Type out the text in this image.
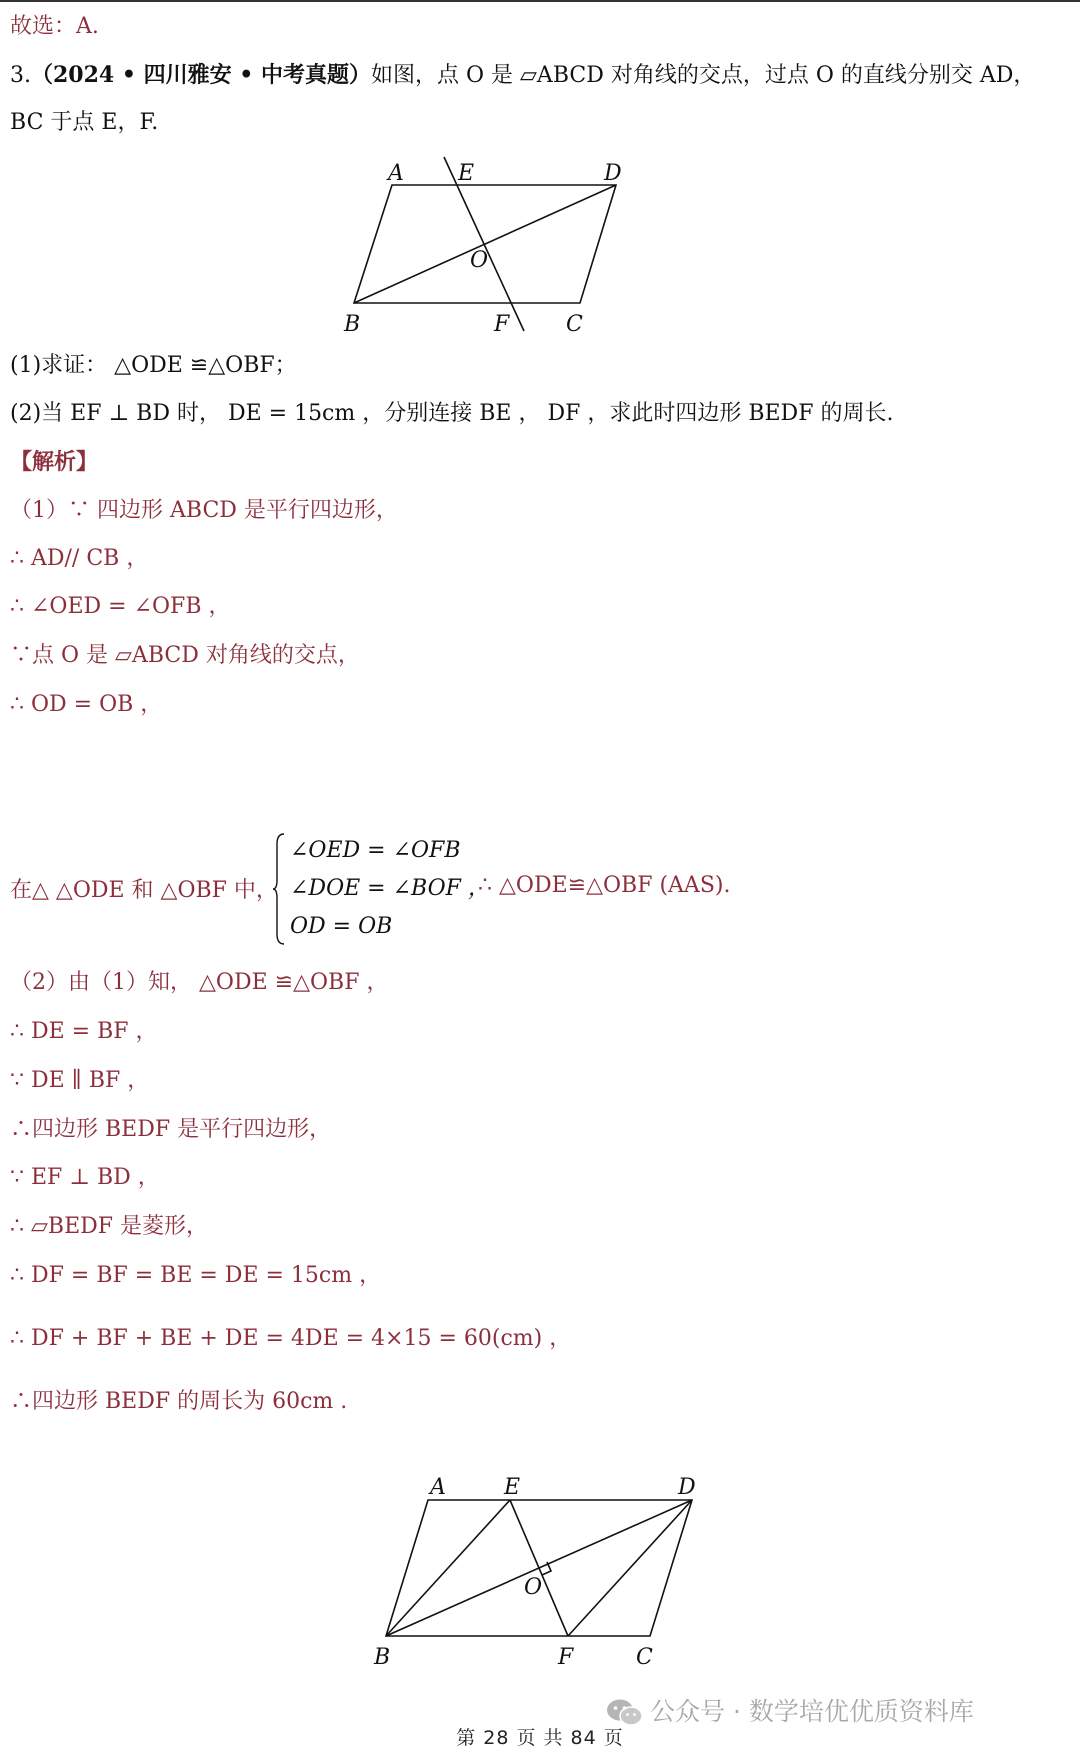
故选：A.
3.（2024 • 四川雅安 • 中考真题）如图，点 O 是 ▱ABCD 对角线的交点，过点 O 的直线分别交 AD，
BC 于点 E，F.
A E	D
O
B	F	C
(1)求证： △ODE ≌△OBF；
(2)当 EF ⊥ BD 时， DE = 15cm ，分别连接 BE ， DF ，求此时四边形 BEDF 的周长.
【解析】
（1）∵ 四边形 ABCD 是平行四边形，
∴ AD// CB ，
∴ ∠OED = ∠OFB ，
∵点 O 是 ▱ABCD 对角线的交点，
∴ OD = OB ，
在△ △ODE 和 △OBF 中，
∠OED = ∠OFB
∠DOE = ∠BOF ，
OD = OB
∴ △ODE≌△OBF (AAS).
（2）由（1）知， △ODE ≌△OBF ，
∴ DE = BF ，
∵ DE ∥ BF ，
∴四边形 BEDF 是平行四边形，
∵ EF ⊥ BD ，
∴ ▱BEDF 是菱形，
∴ DF = BF = BE = DE = 15cm ，
∴ DF + BF + BE + DE = 4DE = 4×15 = 60(cm) ，
∴四边形 BEDF 的周长为 60cm .
A	E	D
O
B	F	C
公众号 · 数学培优优质资料库
第 28 页 共 84 页
